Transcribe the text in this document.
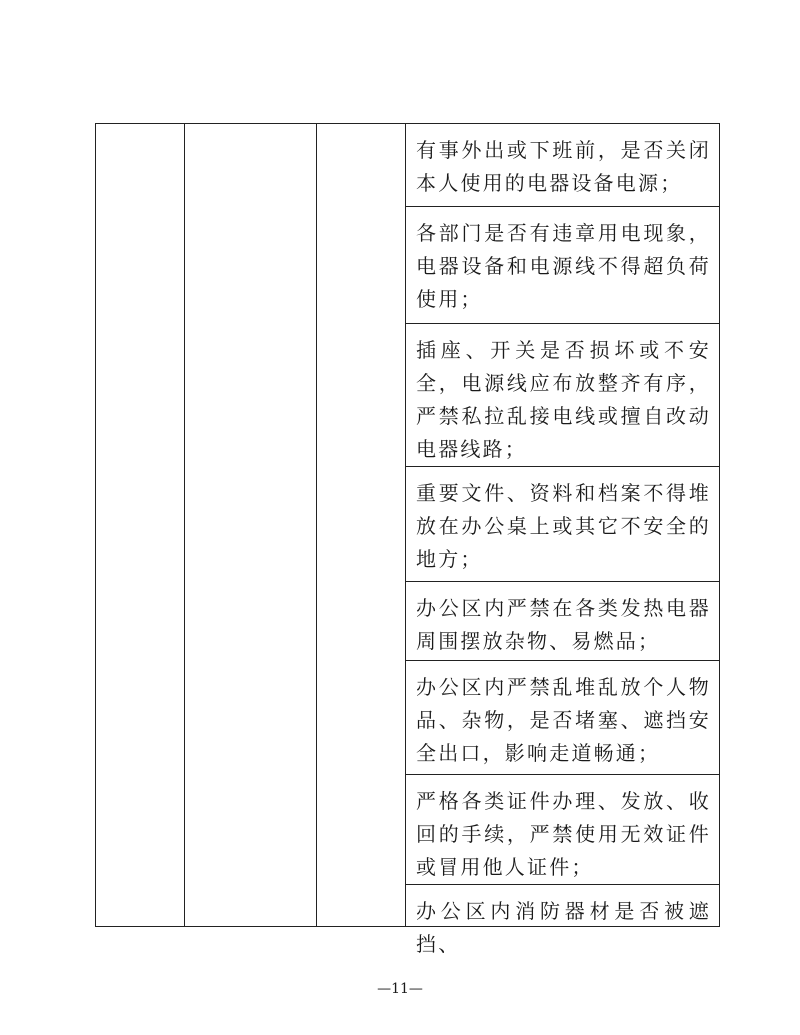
有事外出或下班前，是否关闭本人使用的电器设备电源；

各部门是否有违章用电现象，电器设备和电源线不得超负荷使用；

插座、开关是否损坏或不安全，电源线应布放整齐有序，严禁私拉乱接电线或擅自改动电器线路；

重要文件、资料和档案不得堆放在办公桌上或其它不安全的地方；

办公区内严禁在各类发热电器周围摆放杂物、易燃品；

办公区内严禁乱堆乱放个人物品、杂物，是否堵塞、遮挡安全出口，影响走道畅通；

严格各类证件办理、发放、收回的手续，严禁使用无效证件或冒用他人证件；

办公区内消防器材是否被遮挡、
—11—
